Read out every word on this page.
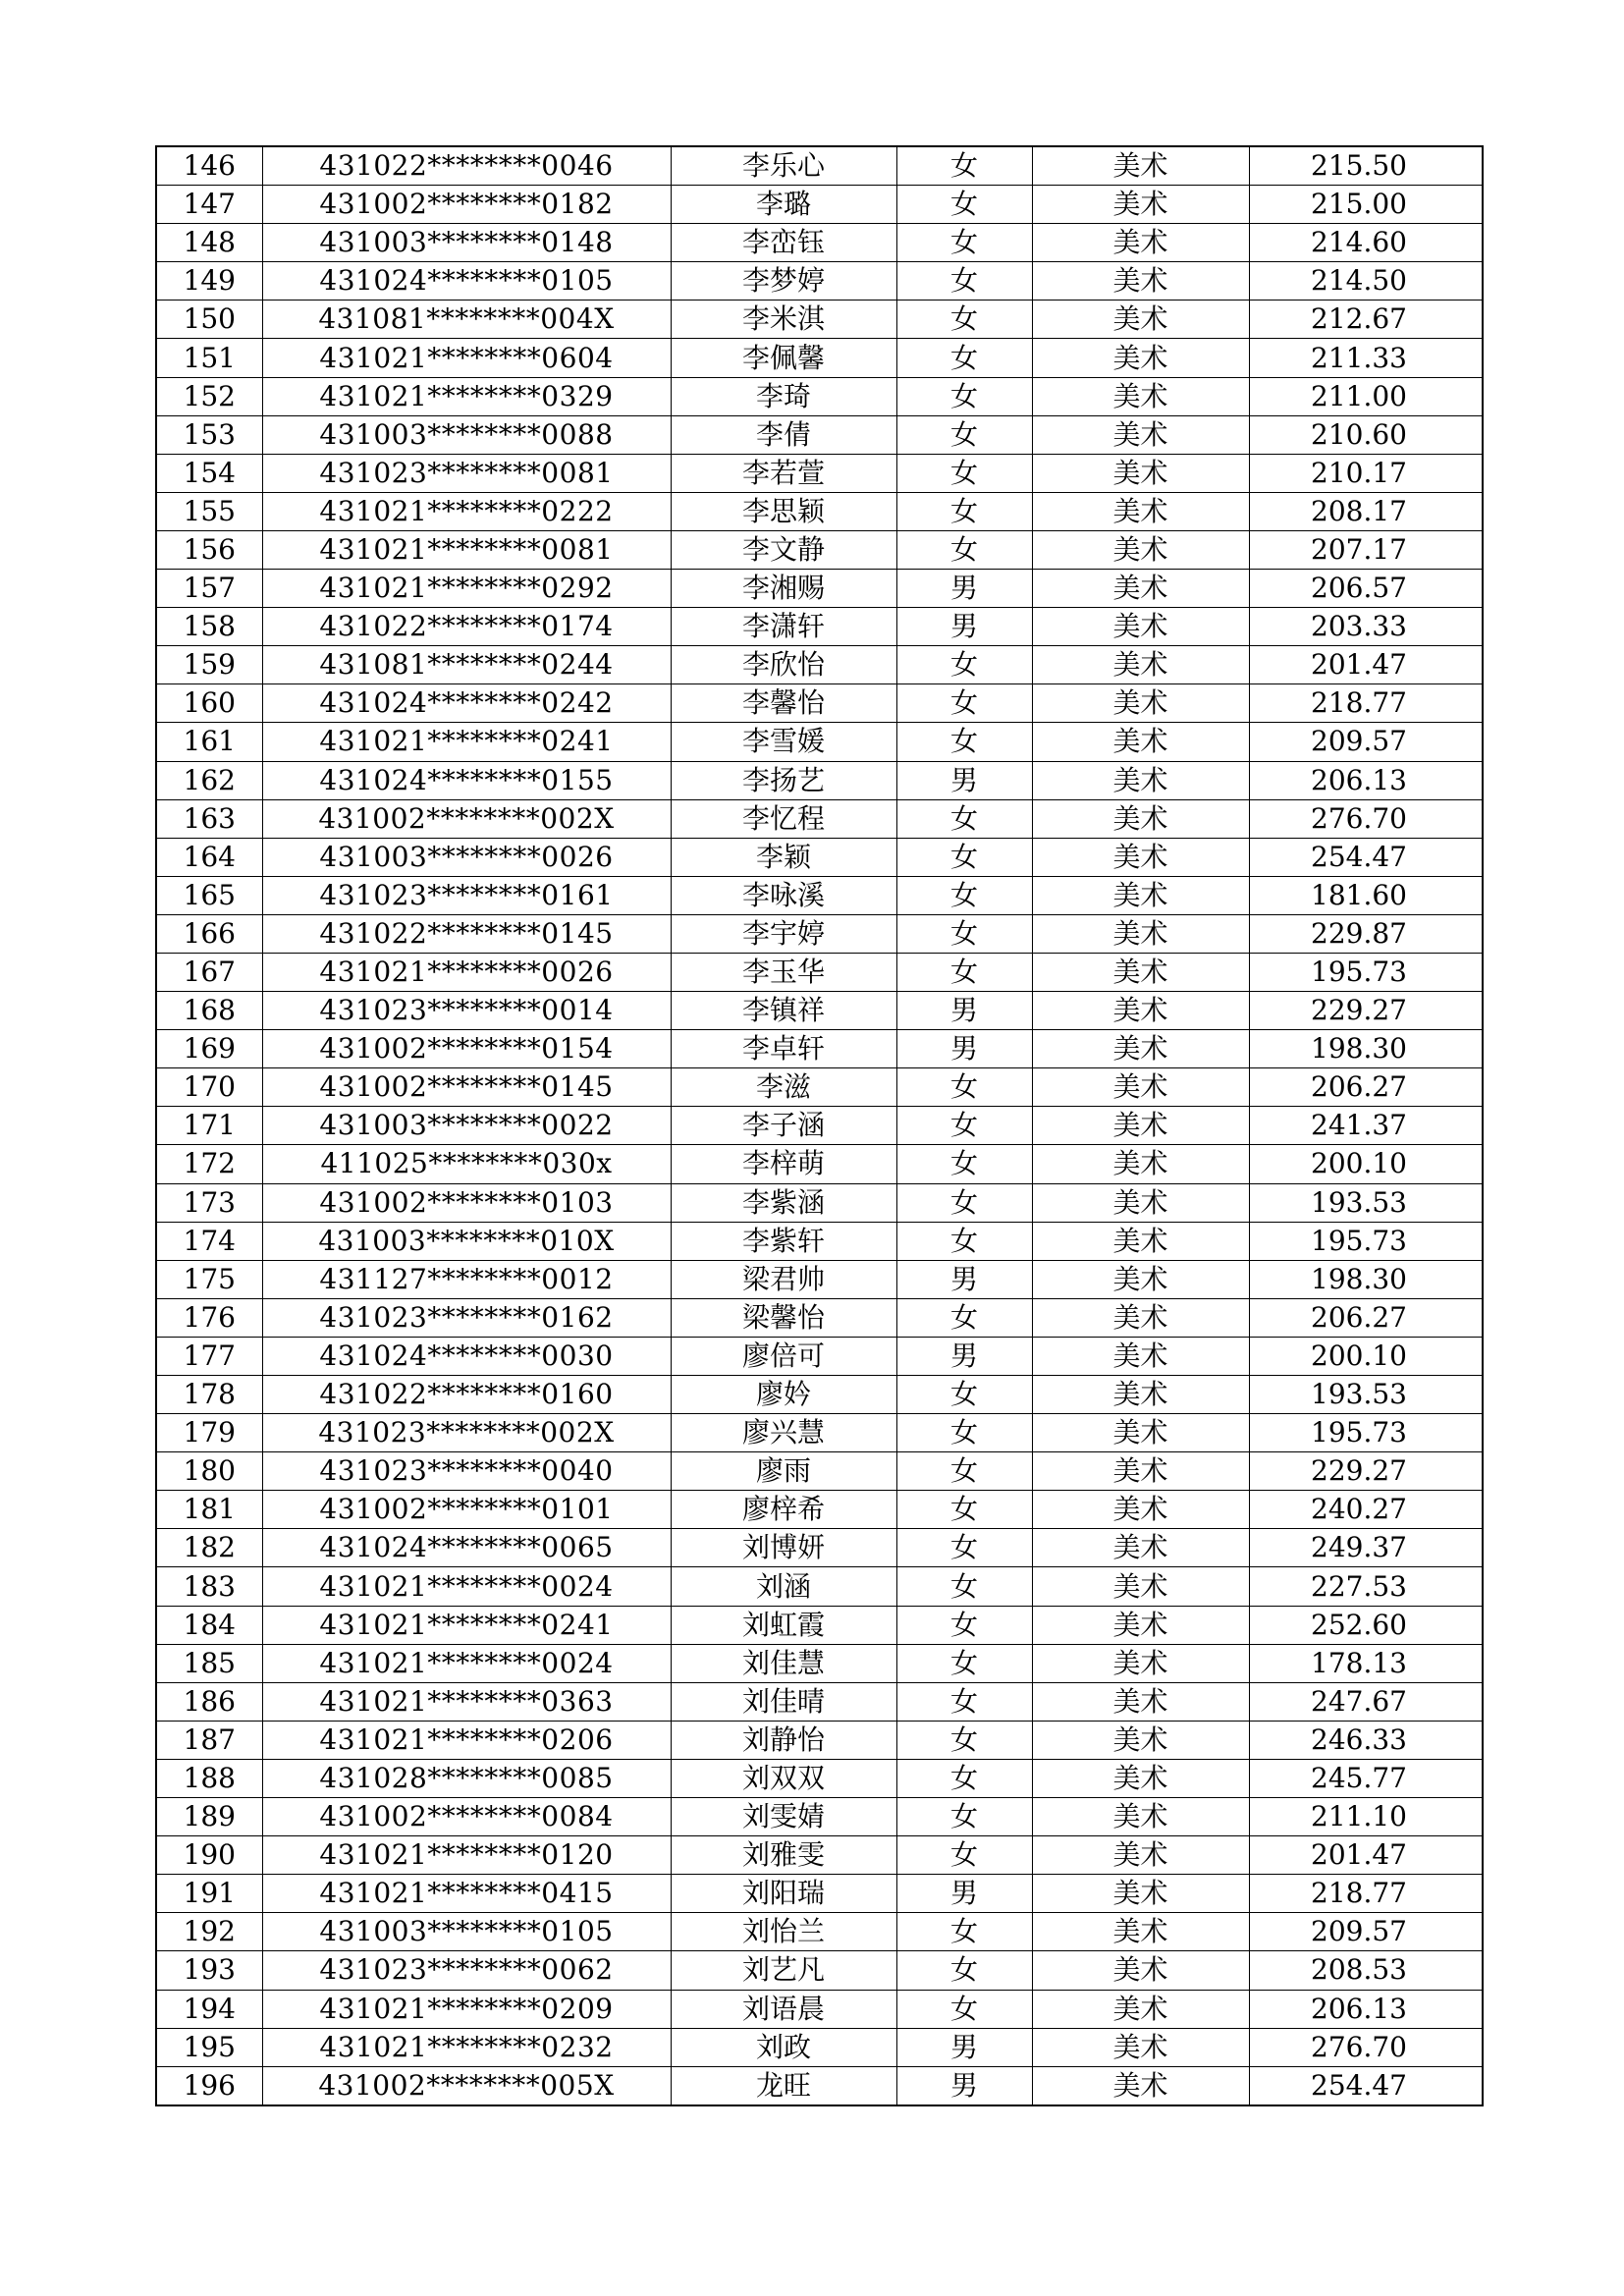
146	431022********0046	李乐心	女	美术	215.50
147	431002********0182	李璐	女	美术	215.00
148	431003********0148	李峦钰	女	美术	214.60
149	431024********0105	李梦婷	女	美术	214.50
150	431081********004X	李米淇	女	美术	212.67
151	431021********0604	李佩馨	女	美术	211.33
152	431021********0329	李琦	女	美术	211.00
153	431003********0088	李倩	女	美术	210.60
154	431023********0081	李若萱	女	美术	210.17
155	431021********0222	李思颖	女	美术	208.17
156	431021********0081	李文静	女	美术	207.17
157	431021********0292	李湘赐	男	美术	206.57
158	431022********0174	李潇轩	男	美术	203.33
159	431081********0244	李欣怡	女	美术	201.47
160	431024********0242	李馨怡	女	美术	218.77
161	431021********0241	李雪媛	女	美术	209.57
162	431024********0155	李扬艺	男	美术	206.13
163	431002********002X	李忆程	女	美术	276.70
164	431003********0026	李颖	女	美术	254.47
165	431023********0161	李咏溪	女	美术	181.60
166	431022********0145	李宇婷	女	美术	229.87
167	431021********0026	李玉华	女	美术	195.73
168	431023********0014	李镇祥	男	美术	229.27
169	431002********0154	李卓轩	男	美术	198.30
170	431002********0145	李滋	女	美术	206.27
171	431003********0022	李子涵	女	美术	241.37
172	411025********030x	李梓萌	女	美术	200.10
173	431002********0103	李紫涵	女	美术	193.53
174	431003********010X	李紫轩	女	美术	195.73
175	431127********0012	梁君帅	男	美术	198.30
176	431023********0162	梁馨怡	女	美术	206.27
177	431024********0030	廖倍可	男	美术	200.10
178	431022********0160	廖妗	女	美术	193.53
179	431023********002X	廖兴慧	女	美术	195.73
180	431023********0040	廖雨	女	美术	229.27
181	431002********0101	廖梓希	女	美术	240.27
182	431024********0065	刘博妍	女	美术	249.37
183	431021********0024	刘涵	女	美术	227.53
184	431021********0241	刘虹霞	女	美术	252.60
185	431021********0024	刘佳慧	女	美术	178.13
186	431021********0363	刘佳晴	女	美术	247.67
187	431021********0206	刘静怡	女	美术	246.33
188	431028********0085	刘双双	女	美术	245.77
189	431002********0084	刘雯婧	女	美术	211.10
190	431021********0120	刘雅雯	女	美术	201.47
191	431021********0415	刘阳瑞	男	美术	218.77
192	431003********0105	刘怡兰	女	美术	209.57
193	431023********0062	刘艺凡	女	美术	208.53
194	431021********0209	刘语晨	女	美术	206.13
195	431021********0232	刘政	男	美术	276.70
196	431002********005X	龙旺	男	美术	254.47
